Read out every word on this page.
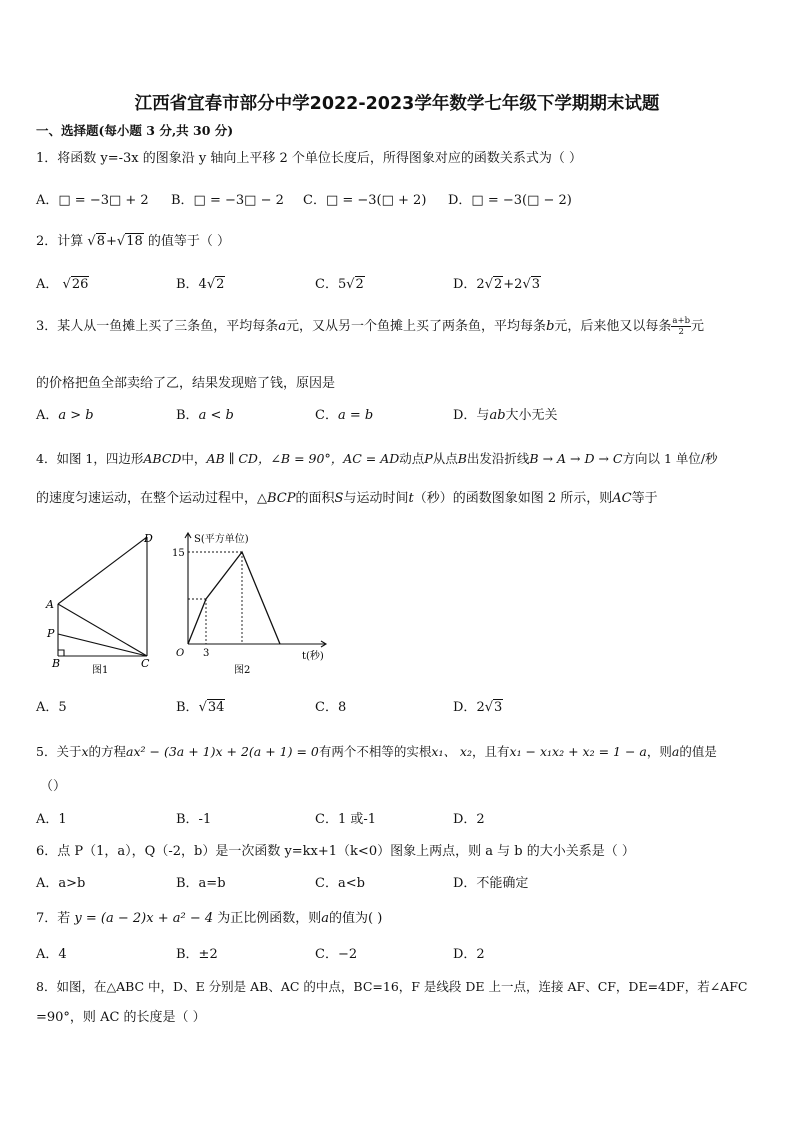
江西省宜春市部分中学2022-2023学年数学七年级下学期期末试题
一、选择题(每小题 3 分,共 30 分)
1．将函数 y=-3x 的图象沿 y 轴向上平移 2 个单位长度后，所得图象对应的函数关系式为（ ）
A．□ = −3□ + 2 B．□ = −3□ − 2 C．□ = −3(□ + 2) D．□ = −3(□ − 2)
2．计算 √8+√18 的值等于（ ）
A． √26	B．4√2	C．5√2	D．2√2+2√3
3．某人从一鱼摊上买了三条鱼，平均每条a元，又从另一个鱼摊上买了两条鱼，平均每条b元，后来他又以每条 $\frac{a+b}{2}$元
的价格把鱼全部卖给了乙，结果发现赔了钱，原因是
A．a > b	B．a < b	C．a = b	D．与ab大小无关
4．如图 1，四边形ABCD中，AB ∥ CD，∠B = 90°，AC = AD动点P从点B出发沿折线B → A → D → C方向以 1 单位/秒
的速度匀速运动，在整个运动过程中，△BCP的面积S与运动时间t（秒）的函数图象如图 2 所示，则AC等于
D
A
P
B	C
图1
S(平方单位)
15
O 3	t(秒)
图2
A．5	B．√34	C．8	D．2√3
5．关于x的方程ax² − (3a + 1)x + 2(a + 1) = 0有两个不相等的实根x₁、 x₂，且有x₁ − x₁x₂ + x₂ = 1 − a，则a的值是
（）
A．1	B．-1	C．1 或-1	D．2
6．点 P（1，a），Q（-2，b）是一次函数 y=kx+1（k<0）图象上两点，则 a 与 b 的大小关系是（ ）
A．a>b	B．a=b	C．a<b	D．不能确定
7．若 y = (a − 2)x + a² − 4 为正比例函数，则a的值为( )
A．4	B．±2	C．−2	D．2
8．如图，在△ABC 中，D、E 分别是 AB、AC 的中点，BC=16，F 是线段 DE 上一点，连接 AF、CF，DE=4DF，若∠AFC
=90°，则 AC 的长度是（ ）
